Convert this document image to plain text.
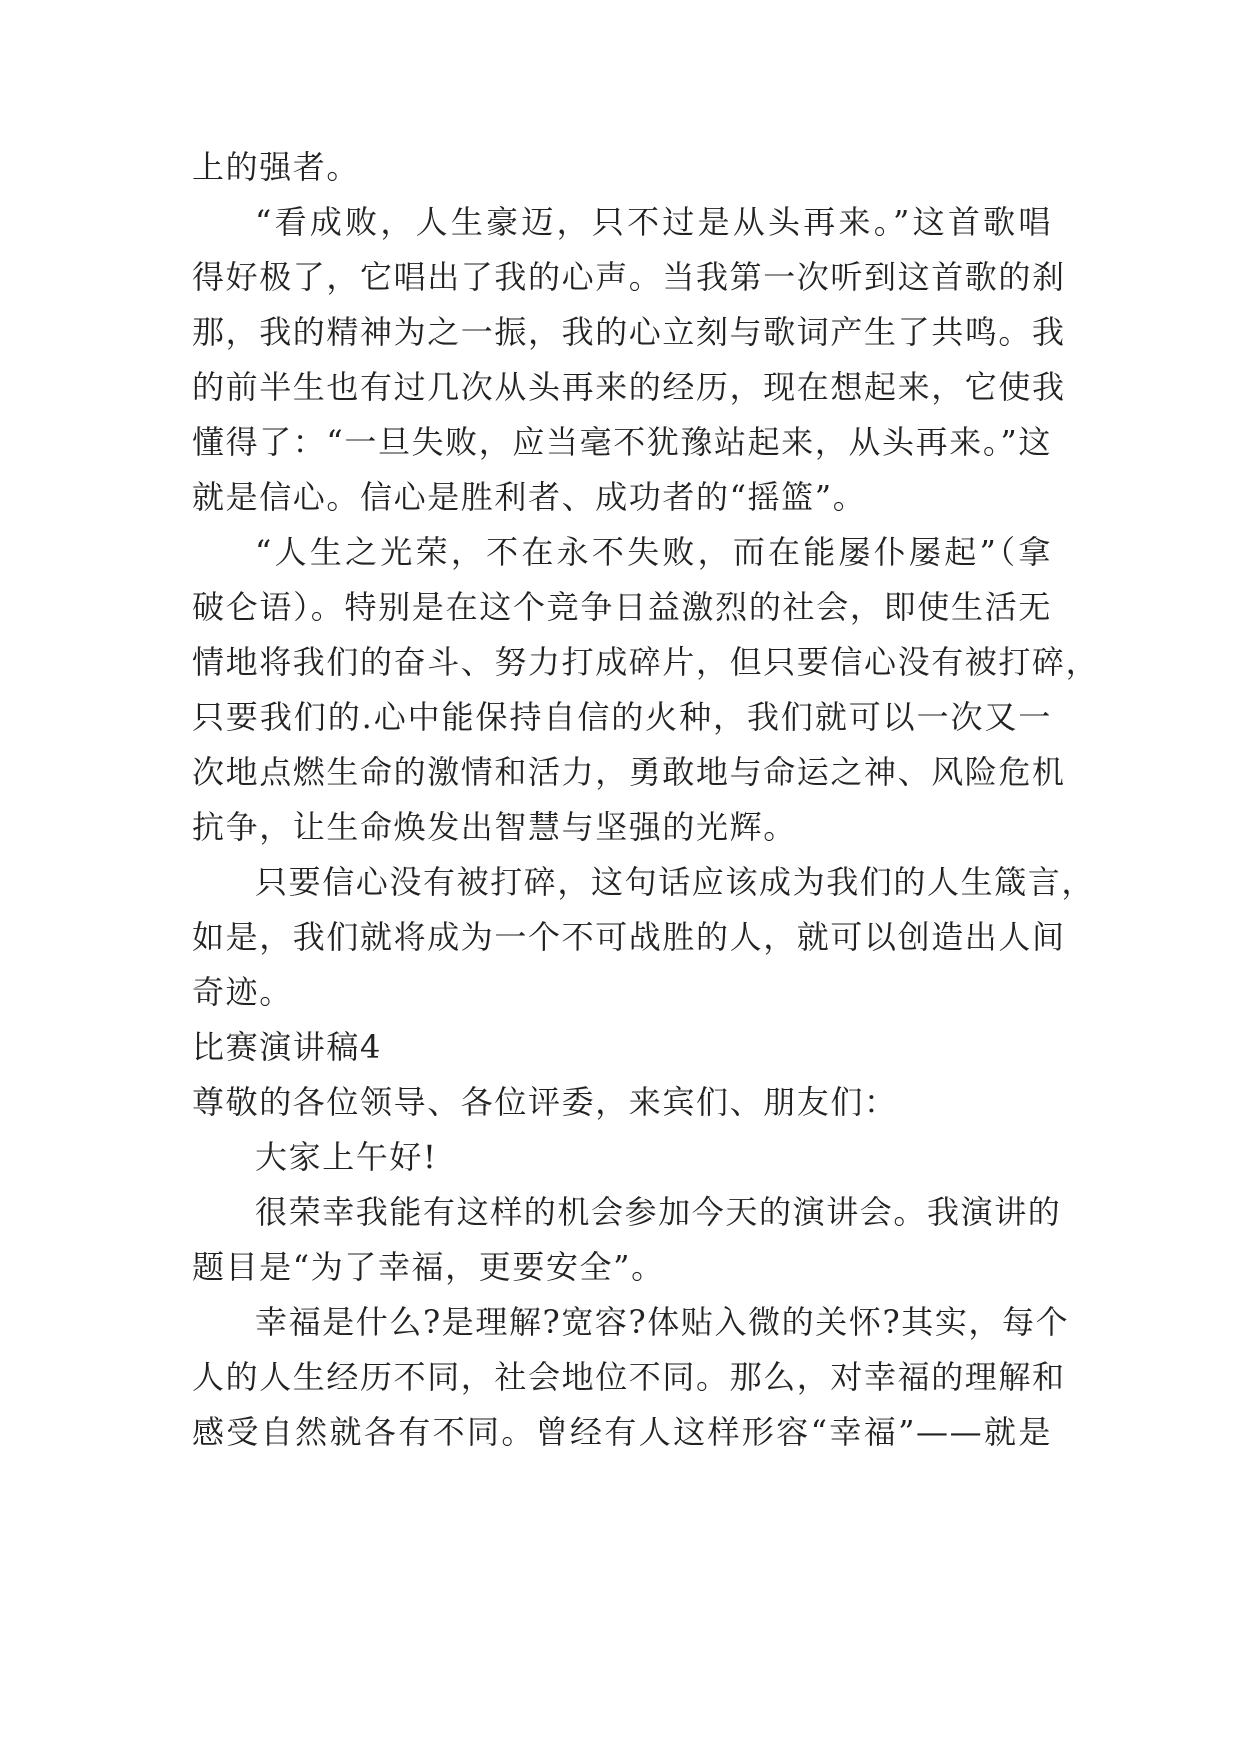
上的强者。
“看成败，人生豪迈，只不过是从头再来。”这首歌唱
得好极了，它唱出了我的心声。当我第一次听到这首歌的刹
那，我的精神为之一振，我的心立刻与歌词产生了共鸣。我
的前半生也有过几次从头再来的经历，现在想起来，它使我
懂得了：“一旦失败，应当毫不犹豫站起来，从头再来。”这
就是信心。信心是胜利者、成功者的“摇篮”。
“人生之光荣，不在永不失败，而在能屡仆屡起”（拿
破仑语）。特别是在这个竞争日益激烈的社会，即使生活无
情地将我们的奋斗、努力打成碎片，但只要信心没有被打碎，
只要我们的.心中能保持自信的火种，我们就可以一次又一
次地点燃生命的激情和活力，勇敢地与命运之神、风险危机
抗争，让生命焕发出智慧与坚强的光辉。
只要信心没有被打碎，这句话应该成为我们的人生箴言，
如是，我们就将成为一个不可战胜的人，就可以创造出人间
奇迹。
比赛演讲稿4
尊敬的各位领导、各位评委，来宾们、朋友们：
大家上午好!
很荣幸我能有这样的机会参加今天的演讲会。我演讲的
题目是“为了幸福，更要安全”。
幸福是什么?是理解?宽容?体贴入微的关怀?其实，每个
人的人生经历不同，社会地位不同。那么，对幸福的理解和
感受自然就各有不同。曾经有人这样形容“幸福”——就是
